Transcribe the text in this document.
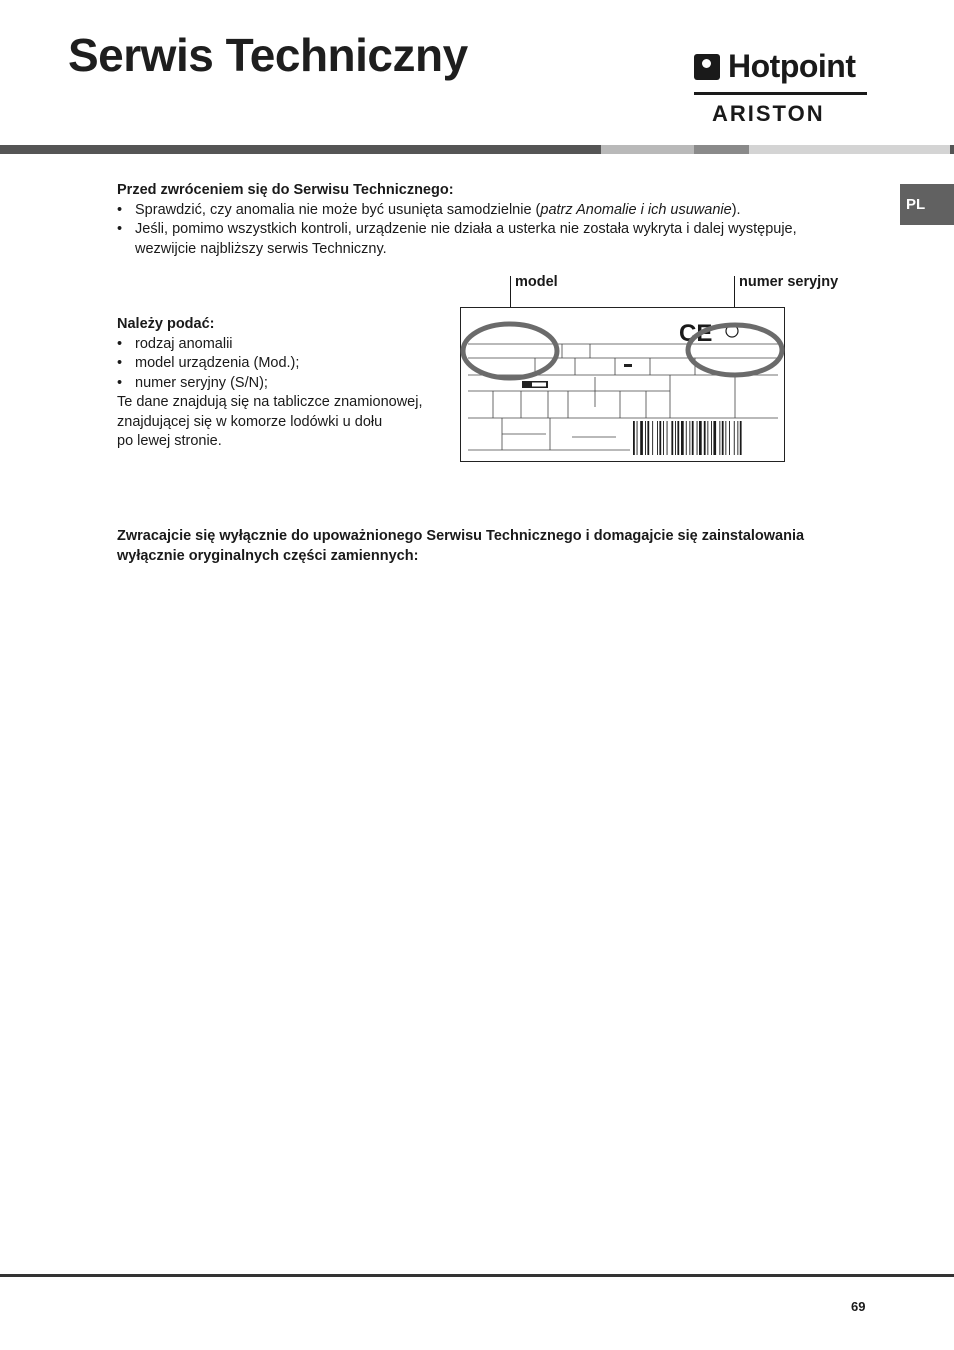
Serwis Techniczny	Hotpoint
ARISTON
PL
Przed zwróceniem się do Serwisu Technicznego:
• Sprawdzić, czy anomalia nie może być usunięta samodzielnie (patrz Anomalie i ich usuwanie).
• Jeśli, pomimo wszystkich kontroli, urządzenie nie działa a usterka nie została wykryta i dalej występuje,
wezwijcie najbliższy serwis Techniczny.
Należy podać:
• rodzaj anomalii
• model urządzenia (Mod.);
• numer seryjny (S/N);
Te dane znajdują się na tabliczce znamionowej,
znajdującej się w komorze lodówki u dołu
po lewej stronie.
model	numer seryjny
CE
Zwracajcie się wyłącznie do upoważnionego Serwisu Technicznego i domagajcie się zainstalowania
wyłącznie oryginalnych części zamiennych:
69
